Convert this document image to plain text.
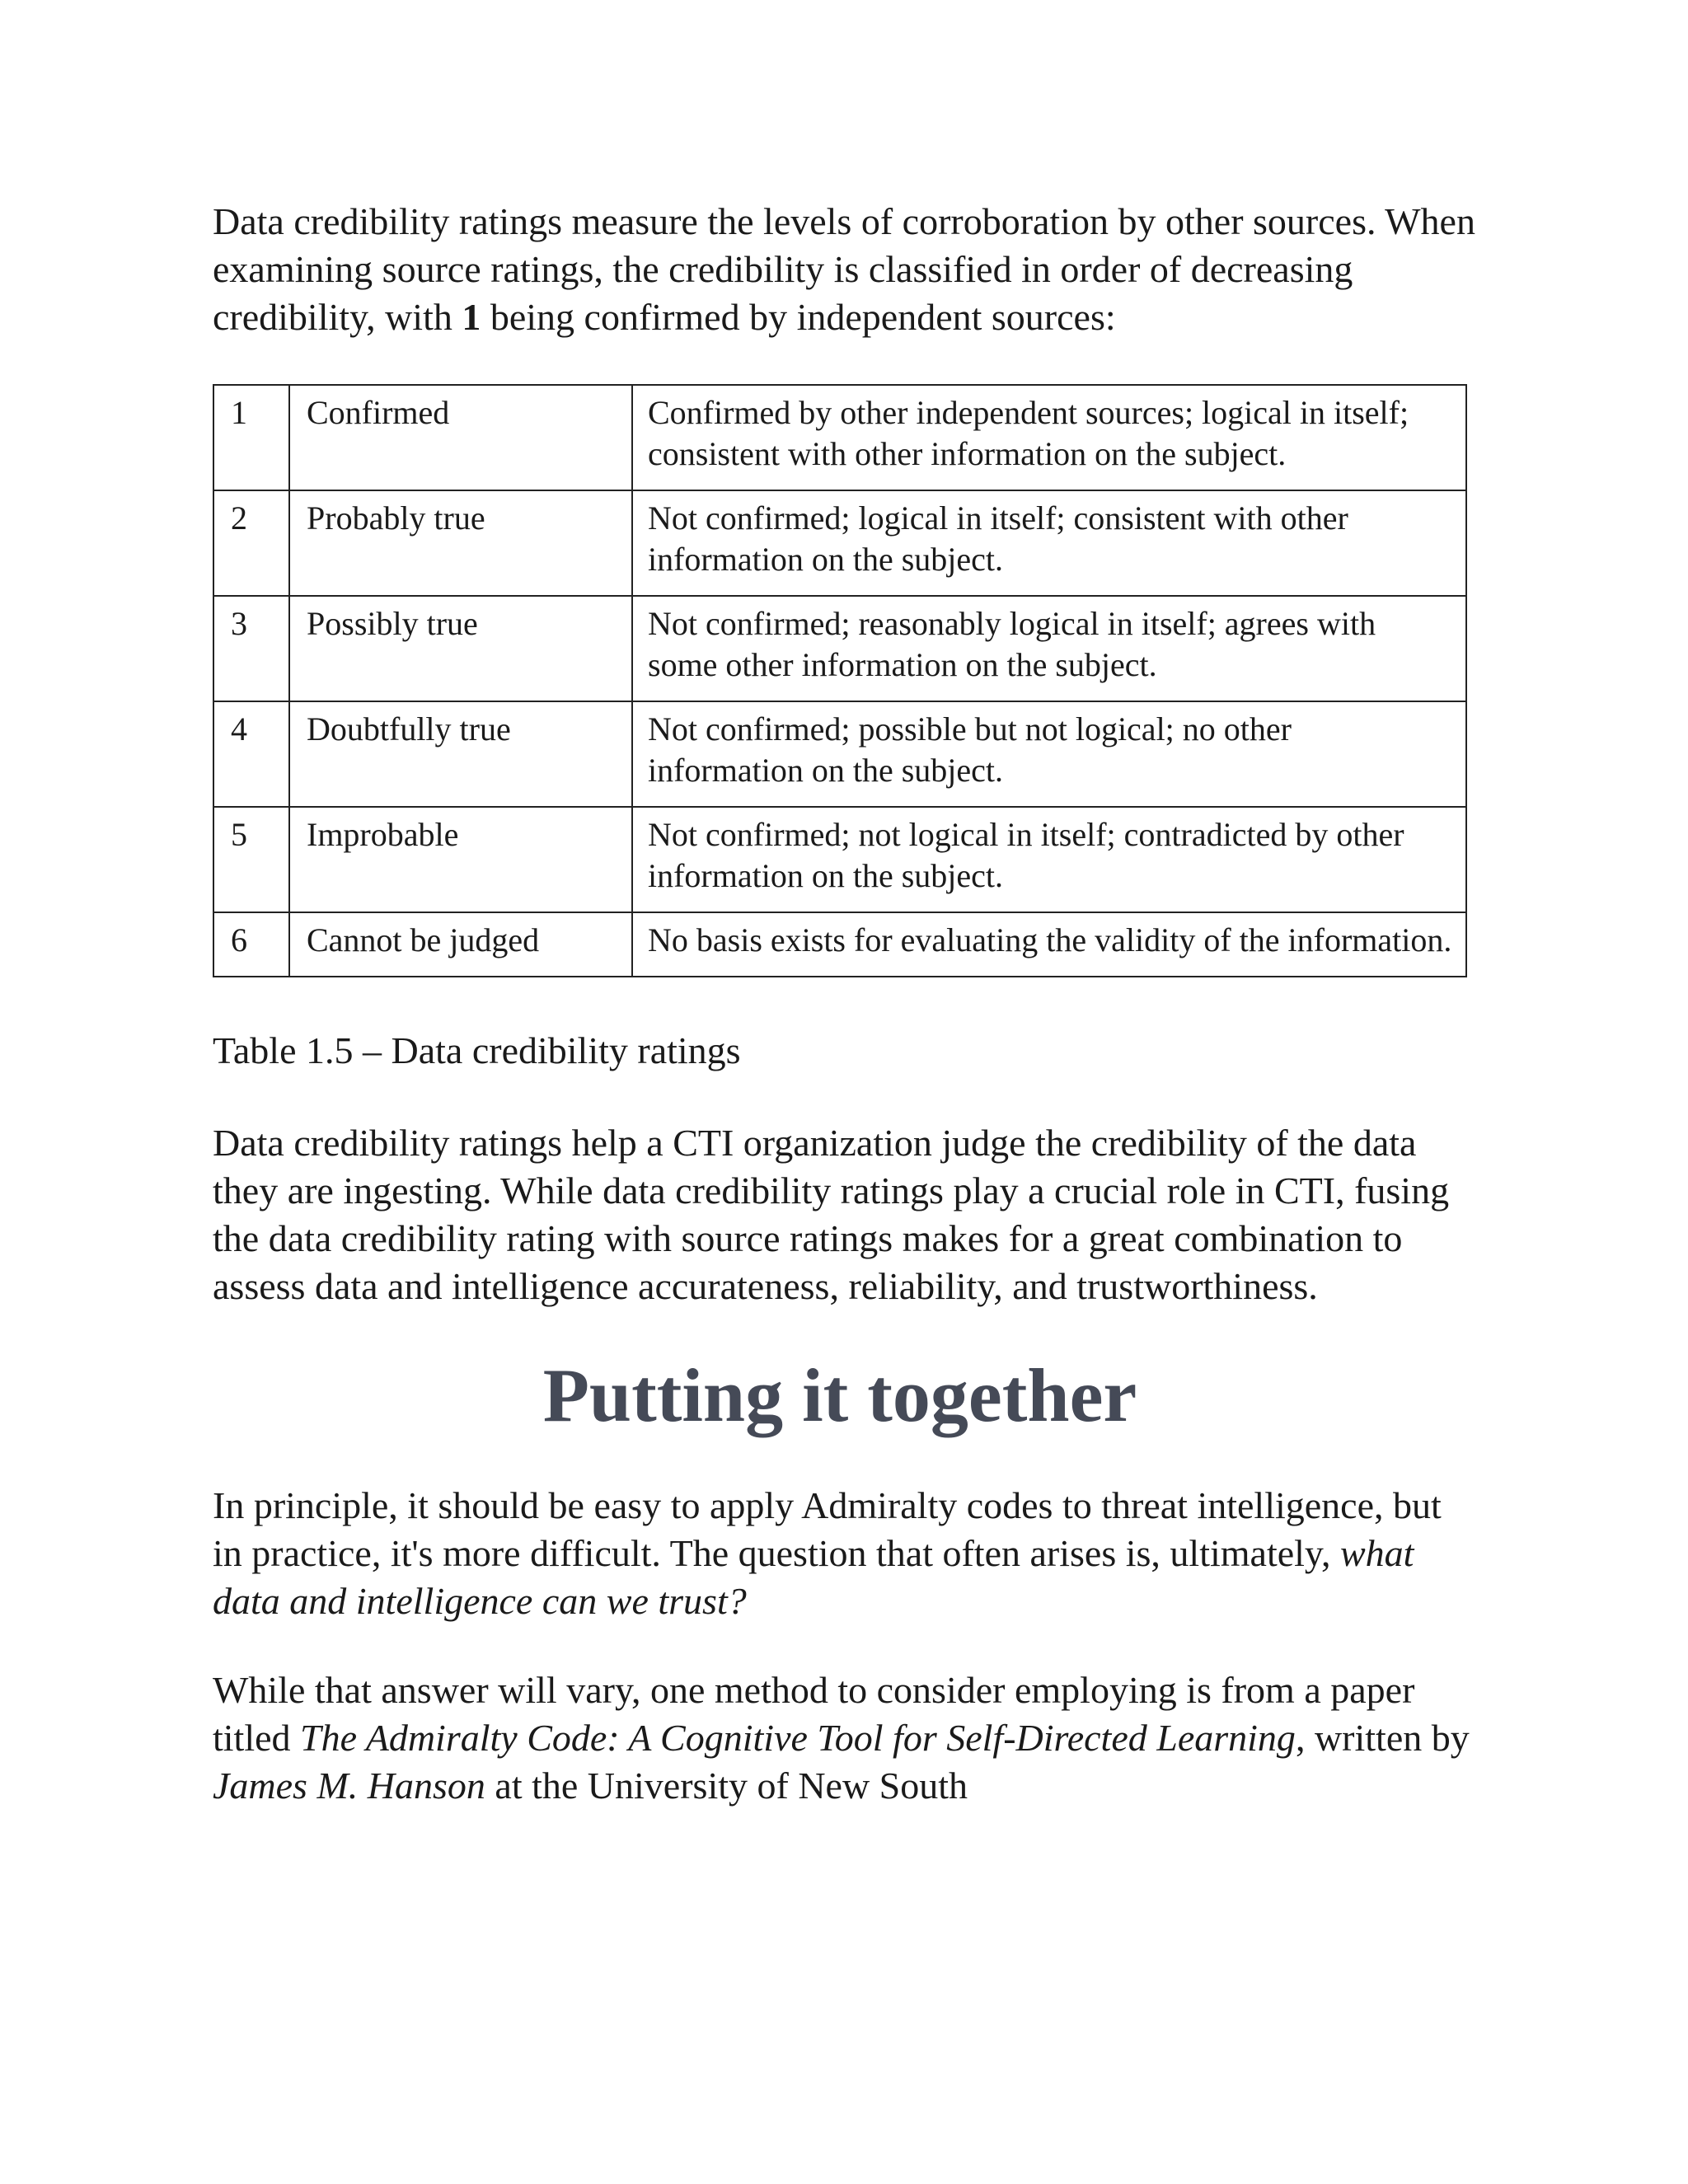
Data credibility ratings measure the levels of corroboration by other sources. When examining source ratings, the credibility is classified in order of decreasing credibility, with 1 being confirmed by independent sources:

1	Confirmed	Confirmed by other independent sources; logical in itself; consistent with other information on the subject.
2	Probably true	Not confirmed; logical in itself; consistent with other information on the subject.
3	Possibly true	Not confirmed; reasonably logical in itself; agrees with some other information on the subject.
4	Doubtfully true	Not confirmed; possible but not logical; no other information on the subject.
5	Improbable	Not confirmed; not logical in itself; contradicted by other information on the subject.
6	Cannot be judged	No basis exists for evaluating the validity of the information.

Table 1.5 – Data credibility ratings

Data credibility ratings help a CTI organization judge the credibility of the data they are ingesting. While data credibility ratings play a crucial role in CTI, fusing the data credibility rating with source ratings makes for a great combination to assess data and intelligence accurateness, reliability, and trustworthiness.

Putting it together

In principle, it should be easy to apply Admiralty codes to threat intelligence, but in practice, it's more difficult. The question that often arises is, ultimately, what data and intelligence can we trust?

While that answer will vary, one method to consider employing is from a paper titled The Admiralty Code: A Cognitive Tool for Self-Directed Learning, written by James M. Hanson at the University of New South
